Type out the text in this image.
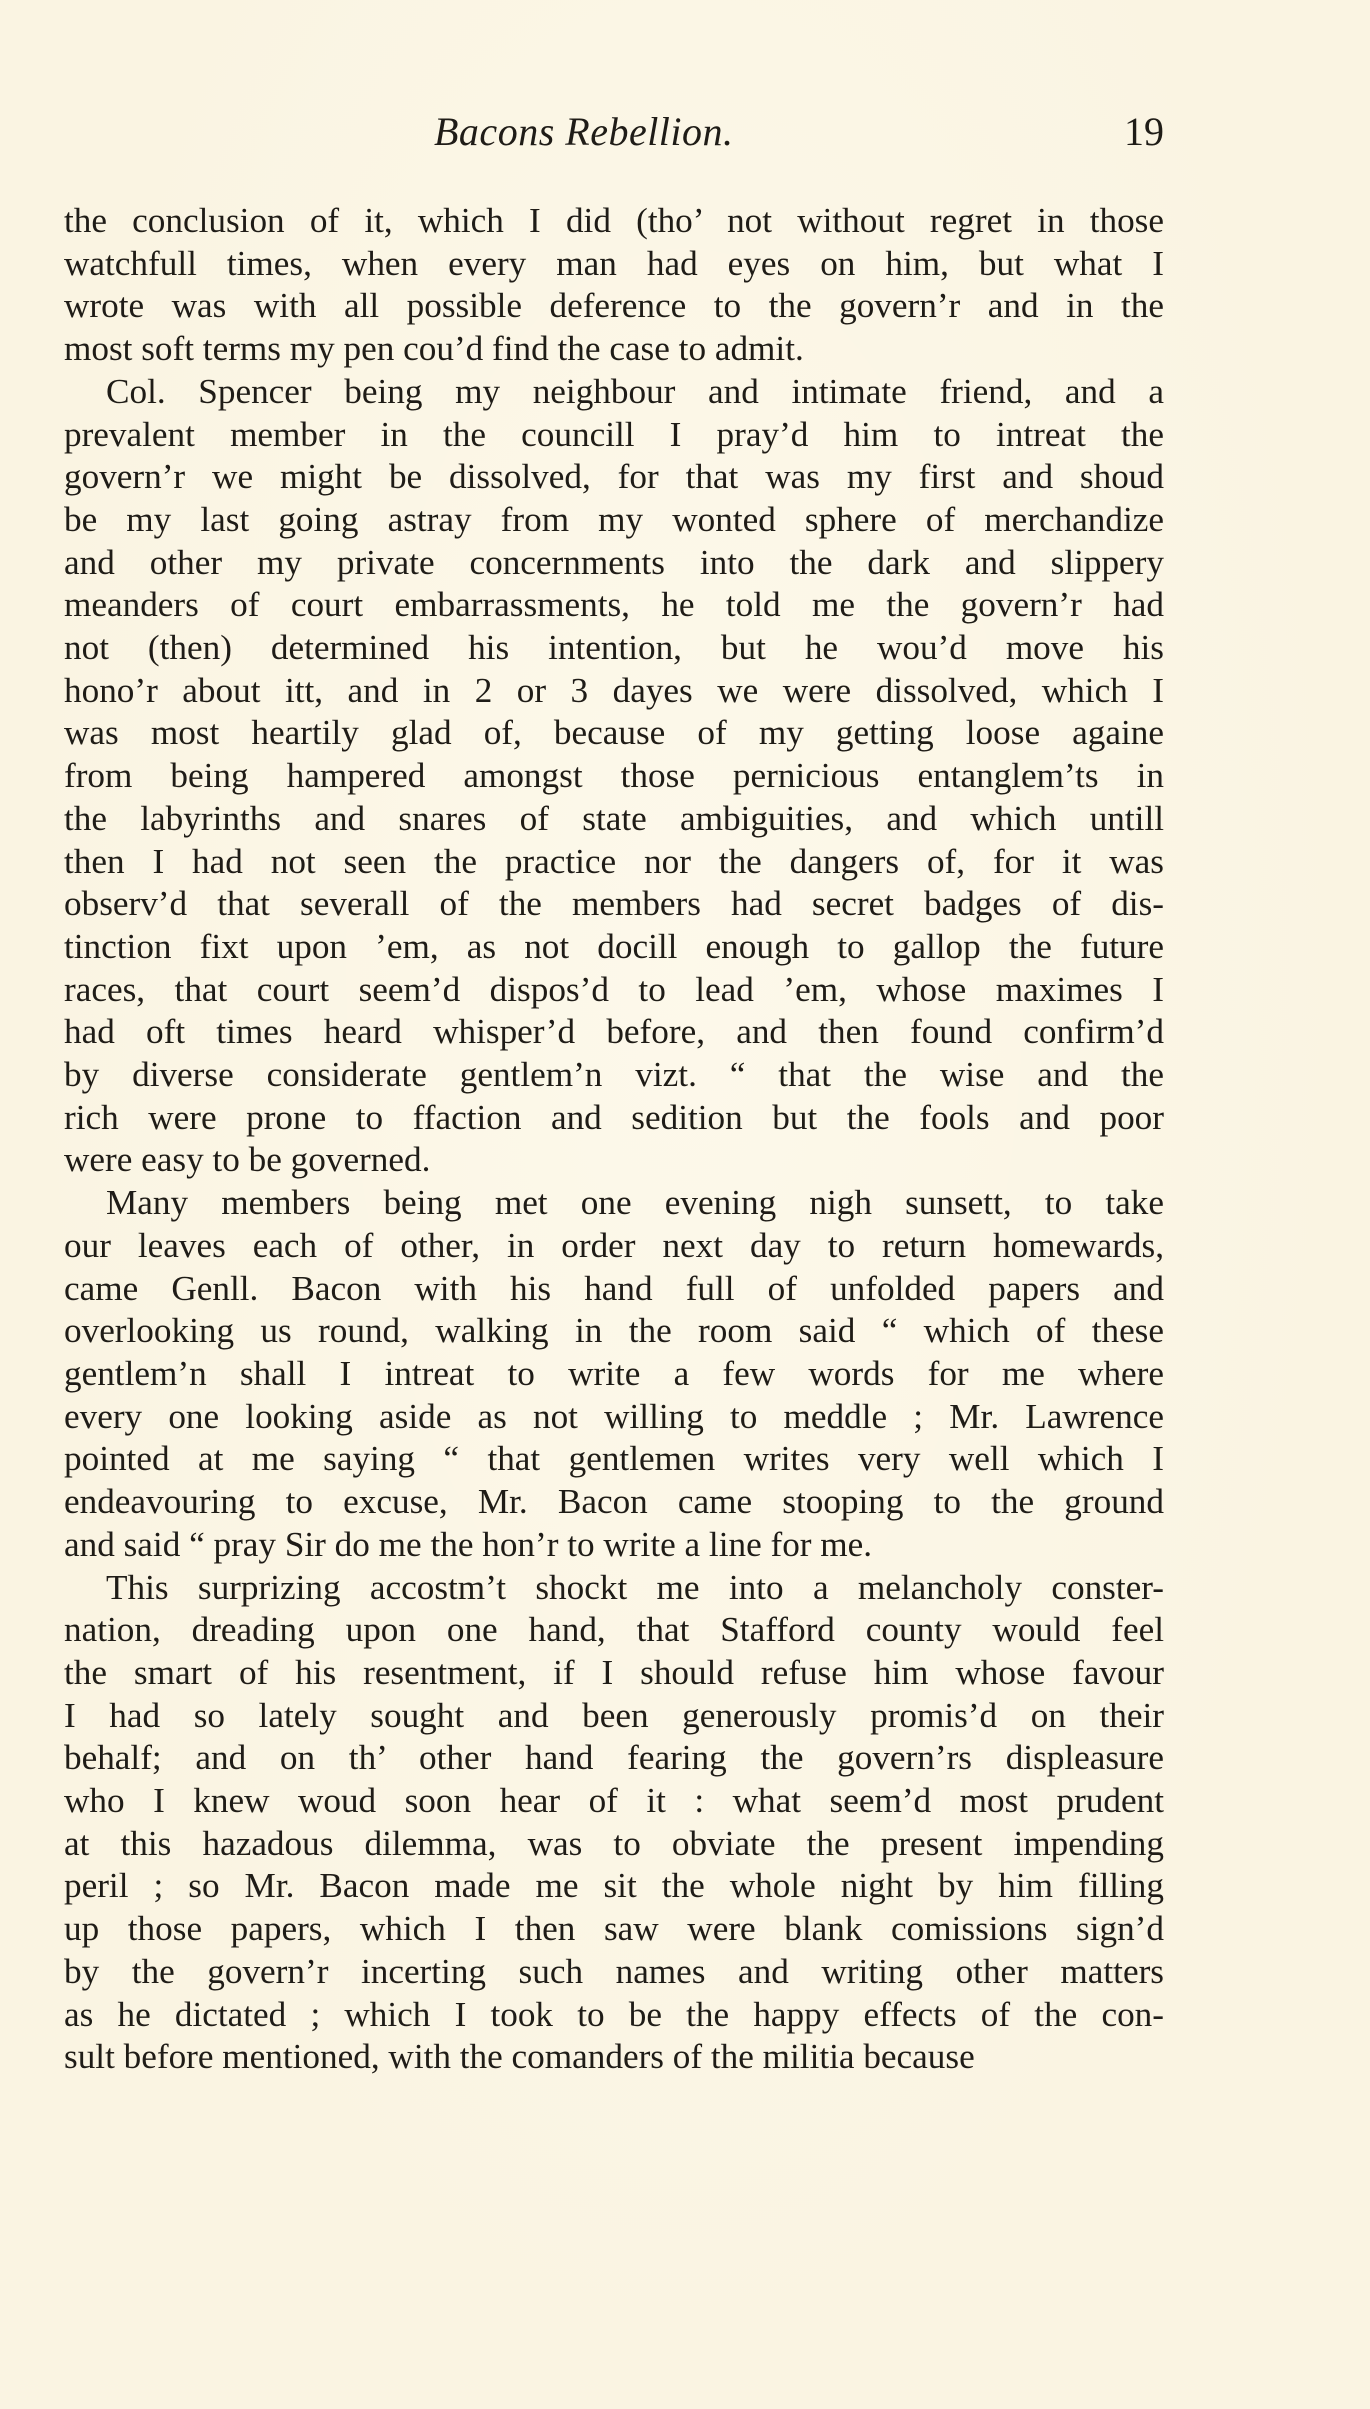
Bacons Rebellion.	19

the conclusion of it, which I did (tho’ not without regret in those
watchfull times, when every man had eyes on him, but what I
wrote was with all possible deference to the govern’r and in the
most soft terms my pen cou’d find the case to admit.

Col. Spencer being my neighbour and intimate friend, and a
prevalent member in the councill I pray’d him to intreat the
govern’r we might be dissolved, for that was my first and shoud
be my last going astray from my wonted sphere of merchandize
and other my private concernments into the dark and slippery
meanders of court embarrassments, he told me the govern’r had
not (then) determined his intention, but he wou’d move his
hono’r about itt, and in 2 or 3 dayes we were dissolved, which I
was most heartily glad of, because of my getting loose againe
from being hampered amongst those pernicious entanglem’ts in
the labyrinths and snares of state ambiguities, and which untill
then I had not seen the practice nor the dangers of, for it was
observ’d that severall of the members had secret badges of dis-
tinction fixt upon ’em, as not docill enough to gallop the future
races, that court seem’d dispos’d to lead ’em, whose maximes I
had oft times heard whisper’d before, and then found confirm’d
by diverse considerate gentlem’n vizt. “ that the wise and the
rich were prone to ffaction and sedition but the fools and poor
were easy to be governed.

Many members being met one evening nigh sunsett, to take
our leaves each of other, in order next day to return homewards,
came Genll. Bacon with his hand full of unfolded papers and
overlooking us round, walking in the room said “ which of these
gentlem’n shall I intreat to write a few words for me where
every one looking aside as not willing to meddle ; Mr. Lawrence
pointed at me saying “ that gentlemen writes very well which I
endeavouring to excuse, Mr. Bacon came stooping to the ground
and said “ pray Sir do me the hon’r to write a line for me.

This surprizing accostm’t shockt me into a melancholy conster-
nation, dreading upon one hand, that Stafford county would feel
the smart of his resentment, if I should refuse him whose favour
I had so lately sought and been generously promis’d on their
behalf; and on th’ other hand fearing the govern’rs displeasure
who I knew woud soon hear of it : what seem’d most prudent
at this hazadous dilemma, was to obviate the present impending
peril ; so Mr. Bacon made me sit the whole night by him filling
up those papers, which I then saw were blank comissions sign’d
by the govern’r incerting such names and writing other matters
as he dictated ; which I took to be the happy effects of the con-
sult before mentioned, with the comanders of the militia because
